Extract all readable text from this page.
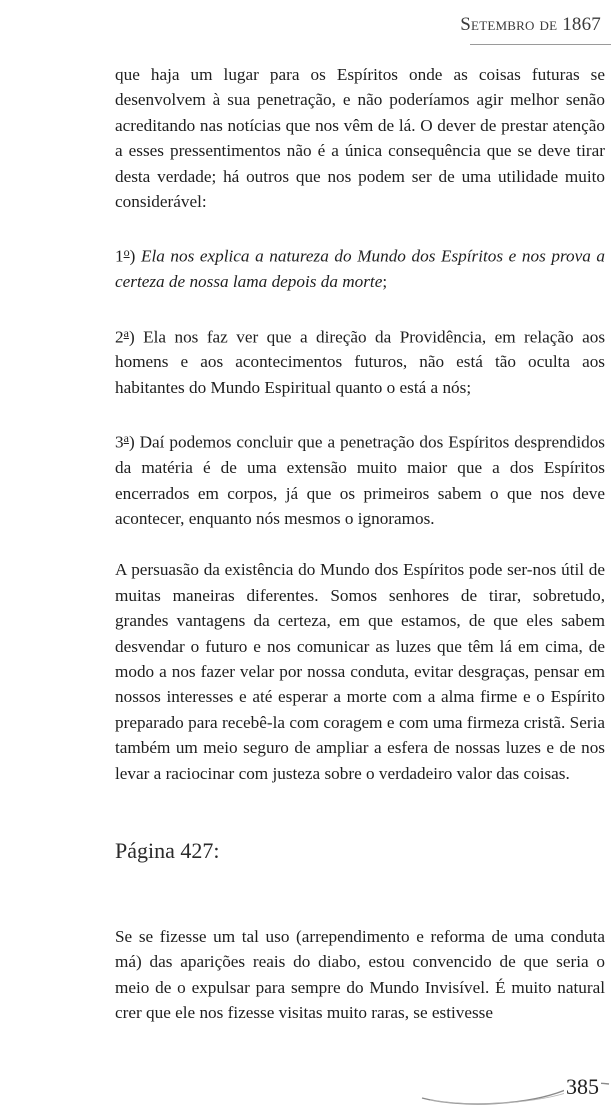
Setembro de 1867

que haja um lugar para os Espíritos onde as coisas futuras se desenvolvem à sua penetração, e não poderíamos agir melhor senão acreditando nas notícias que nos vêm de lá. O dever de prestar atenção a esses pressentimentos não é a única consequência que se deve tirar desta verdade; há outros que nos podem ser de uma utilidade muito considerável:

1$^o$) Ela nos explica a natureza do Mundo dos Espíritos e nos prova a certeza de nossa lama depois da morte;

2$^a$) Ela nos faz ver que a direção da Providência, em relação aos homens e aos acontecimentos futuros, não está tão oculta aos habitantes do Mundo Espiritual quanto o está a nós;

3$^a$) Daí podemos concluir que a penetração dos Espíritos desprendidos da matéria é de uma extensão muito maior que a dos Espíritos encerrados em corpos, já que os primeiros sabem o que nos deve acontecer, enquanto nós mesmos o ignoramos.

A persuasão da existência do Mundo dos Espíritos pode ser-nos útil de muitas maneiras diferentes. Somos senhores de tirar, sobretudo, grandes vantagens da certeza, em que estamos, de que eles sabem desvendar o futuro e nos comunicar as luzes que têm lá em cima, de modo a nos fazer velar por nossa conduta, evitar desgraças, pensar em nossos interesses e até esperar a morte com a alma firme e o Espírito preparado para recebê-la com coragem e com uma firmeza cristã. Seria também um meio seguro de ampliar a esfera de nossas luzes e de nos levar a raciocinar com justeza sobre o verdadeiro valor das coisas.

Página 427:

Se se fizesse um tal uso (arrependimento e reforma de uma conduta má) das aparições reais do diabo, estou convencido de que seria o meio de o expulsar para sempre do Mundo Invisível. É muito natural crer que ele nos fizesse visitas muito raras, se estivesse

385
